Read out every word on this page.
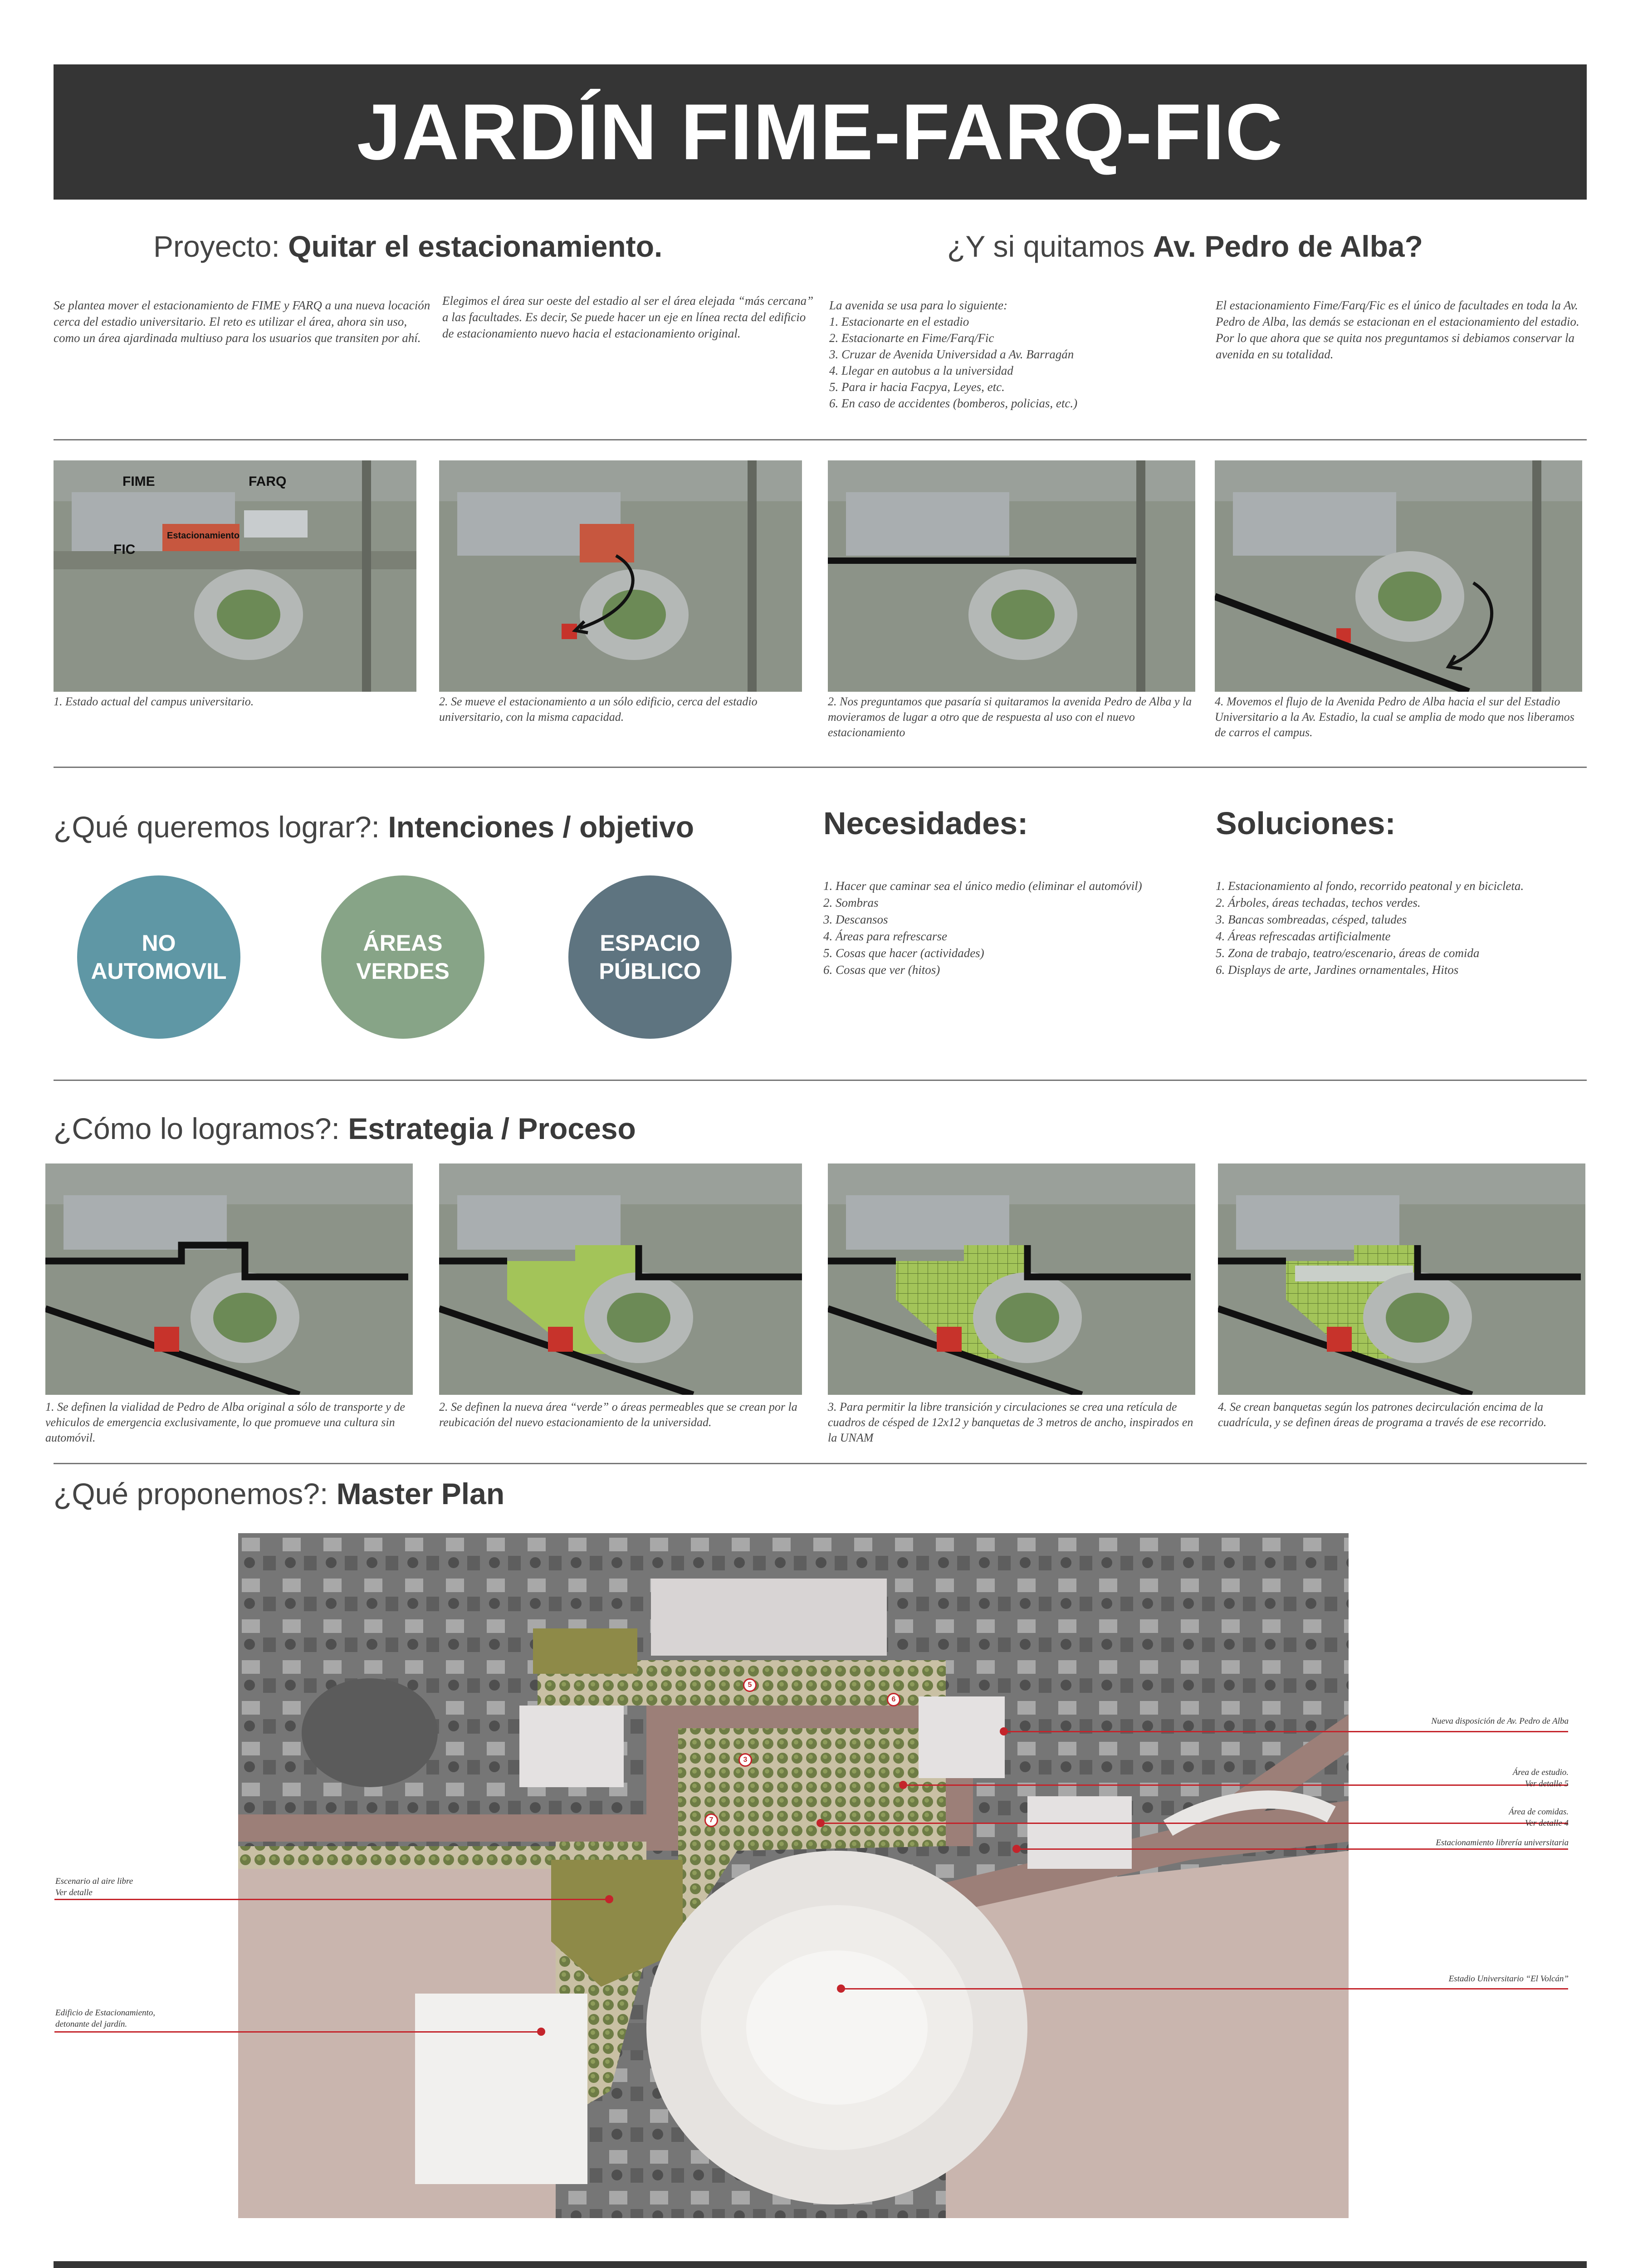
JARDÍN FIME-FARQ-FIC
Proyecto: Quitar el estacionamiento.	¿Y si quitamos Av. Pedro de Alba?
Se plantea mover el estacionamiento de FIME y FARQ a una nueva locación cerca del estadio universitario. El reto es utilizar el área, ahora sin uso, como un área ajardinada multiuso para los usuarios que transiten por ahí.
Elegimos el área sur oeste del estadio al ser el área elejada “más cercana” a las facultades. Es decir, Se puede hacer un eje en línea recta del edificio de estacionamiento nuevo hacia el estacionamiento original.
La avenida se usa para lo siguiente:
1. Estacionarte en el estadio
2. Estacionarte en Fime/Farq/Fic
3. Cruzar de Avenida Universidad a Av. Barragán
4. Llegar en autobus a la universidad
5. Para ir hacia Facpya, Leyes, etc.
6. En caso de accidentes (bomberos, policias, etc.)
El estacionamiento Fime/Farq/Fic es el único de facultades en toda la Av. Pedro de Alba, las demás se estacionan en el estacionamiento del estadio. Por lo que ahora que se quita nos preguntamos si debiamos conservar la avenida en su totalidad.
FIME	FARQ
FIC
Estacionamiento
1. Estado actual del campus universitario.	2. Se mueve el estacionamiento a un sólo edificio, cerca del estadio universitario, con la misma capacidad.
2. Nos preguntamos que pasaría si quitaramos la avenida Pedro de Alba y la movieramos de lugar a otro que de respuesta al uso con el nuevo estacionamiento
4. Movemos el flujo de la Avenida Pedro de Alba hacia el sur del Estadio Universitario a la Av. Estadio, la cual se amplia de modo que nos liberamos de carros el campus.
¿Qué queremos lograr?: Intenciones / objetivo
NO
AUTOMOVIL
ÁREAS
VERDES
ESPACIO
PÚBLICO
Necesidades:
1. Hacer que caminar sea el único medio (eliminar el automóvil)
2. Sombras
3. Descansos
4. Áreas para refrescarse
5. Cosas que hacer (actividades)
6. Cosas que ver (hitos)
Soluciones:
1. Estacionamiento al fondo, recorrido peatonal y en bicicleta.
2. Árboles, áreas techadas, techos verdes.
3. Bancas sombreadas, césped, taludes
4. Áreas refrescadas artificialmente
5. Zona de trabajo, teatro/escenario, áreas de comida
6. Displays de arte, Jardines ornamentales, Hitos
¿Cómo lo logramos?: Estrategia / Proceso
1. Se definen la vialidad de Pedro de Alba original a sólo de transporte y de vehiculos de emergencia exclusivamente, lo que promueve una cultura sin automóvil.
2. Se definen la nueva área “verde” o áreas permeables que se crean por la reubicación del nuevo estacionamiento de la universidad.
3. Para permitir la libre transición y circulaciones se crea una retícula de cuadros de césped de 12x12 y banquetas de 3 metros de ancho, inspirados en la UNAM
4. Se crean banquetas según los patrones decirculación encima de la cuadrícula, y se definen áreas de programa a través de ese recorrido.
¿Qué proponemos?: Master Plan
5
6
3
7
Nueva disposición de Av. Pedro de Alba
Área de estudio.
Ver detalle 5
Área de comidas.
Ver detalle 4
Estacionamiento librería universitaria
Estadio Universitario “El Volcán”
Escenario al aire libre
Ver detalle
Edificio de Estacionamiento,
detonante del jardín.
